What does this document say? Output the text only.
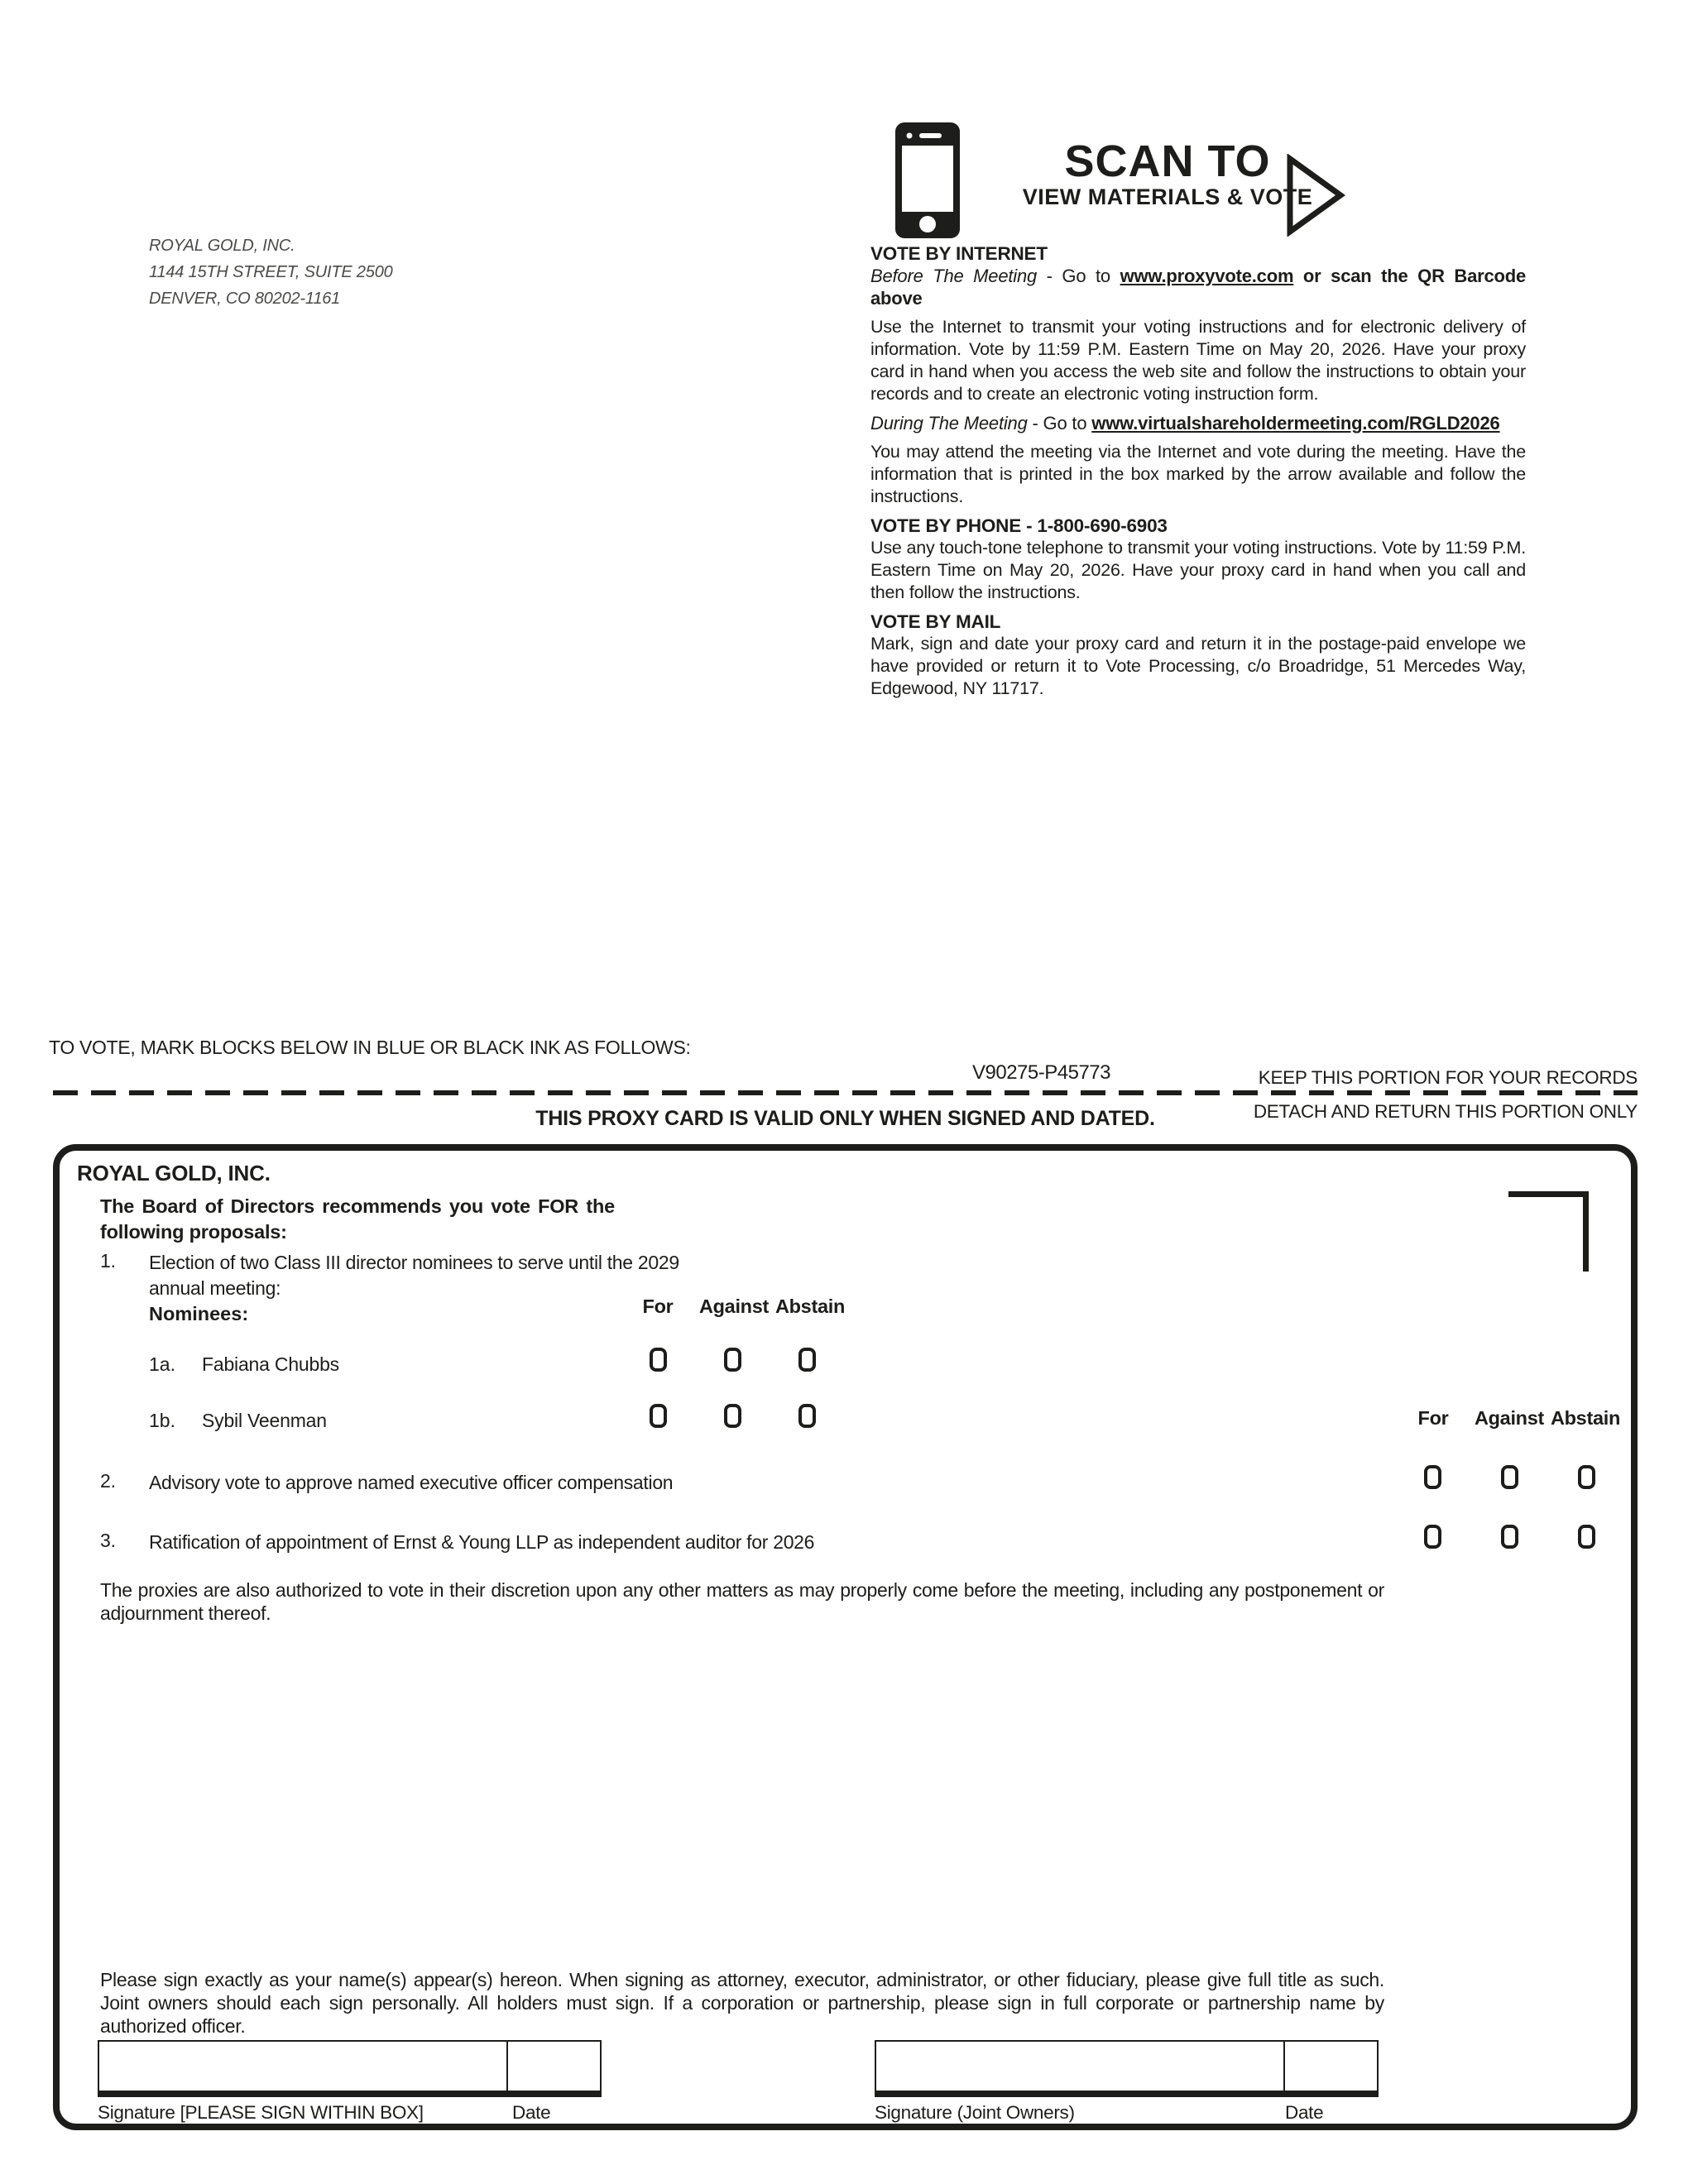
ROYAL GOLD, INC.
1144 15TH STREET, SUITE 2500
DENVER, CO 80202-1161
SCAN TO
VIEW MATERIALS & VOTE
VOTE BY INTERNET
Before The Meeting - Go to www.proxyvote.com or scan the QR Barcode above

Use the Internet to transmit your voting instructions and for electronic delivery of information. Vote by 11:59 P.M. Eastern Time on May 20, 2026. Have your proxy card in hand when you access the web site and follow the instructions to obtain your records and to create an electronic voting instruction form.

During The Meeting - Go to www.virtualshareholdermeeting.com/RGLD2026

You may attend the meeting via the Internet and vote during the meeting. Have the information that is printed in the box marked by the arrow available and follow the instructions.

VOTE BY PHONE - 1-800-690-6903

Use any touch-tone telephone to transmit your voting instructions. Vote by 11:59 P.M. Eastern Time on May 20, 2026. Have your proxy card in hand when you call and then follow the instructions.

VOTE BY MAIL

Mark, sign and date your proxy card and return it in the postage-paid envelope we have provided or return it to Vote Processing, c/o Broadridge, 51 Mercedes Way, Edgewood, NY 11717.

TO VOTE, MARK BLOCKS BELOW IN BLUE OR BLACK INK AS FOLLOWS:
V90275-P45773	KEEP THIS PORTION FOR YOUR RECORDS
DETACH AND RETURN THIS PORTION ONLY
THIS PROXY CARD IS VALID ONLY WHEN SIGNED AND DATED.
ROYAL GOLD, INC.
The Board of Directors recommends you vote FOR the following proposals:
1. Election of two Class III director nominees to serve until the 2029 annual meeting:
Nominees:	For	Against Abstain
1a. Fabiana Chubbs
1b. Sybil Veenman	For	Against Abstain
2. Advisory vote to approve named executive officer compensation
3. Ratification of appointment of Ernst & Young LLP as independent auditor for 2026
The proxies are also authorized to vote in their discretion upon any other matters as may properly come before the meeting, including any postponement or adjournment thereof.
Please sign exactly as your name(s) appear(s) hereon. When signing as attorney, executor, administrator, or other fiduciary, please give full title as such. Joint owners should each sign personally. All holders must sign. If a corporation or partnership, please sign in full corporate or partnership name by authorized officer.
Signature [PLEASE SIGN WITHIN BOX]	Date	Signature (Joint Owners)	Date
